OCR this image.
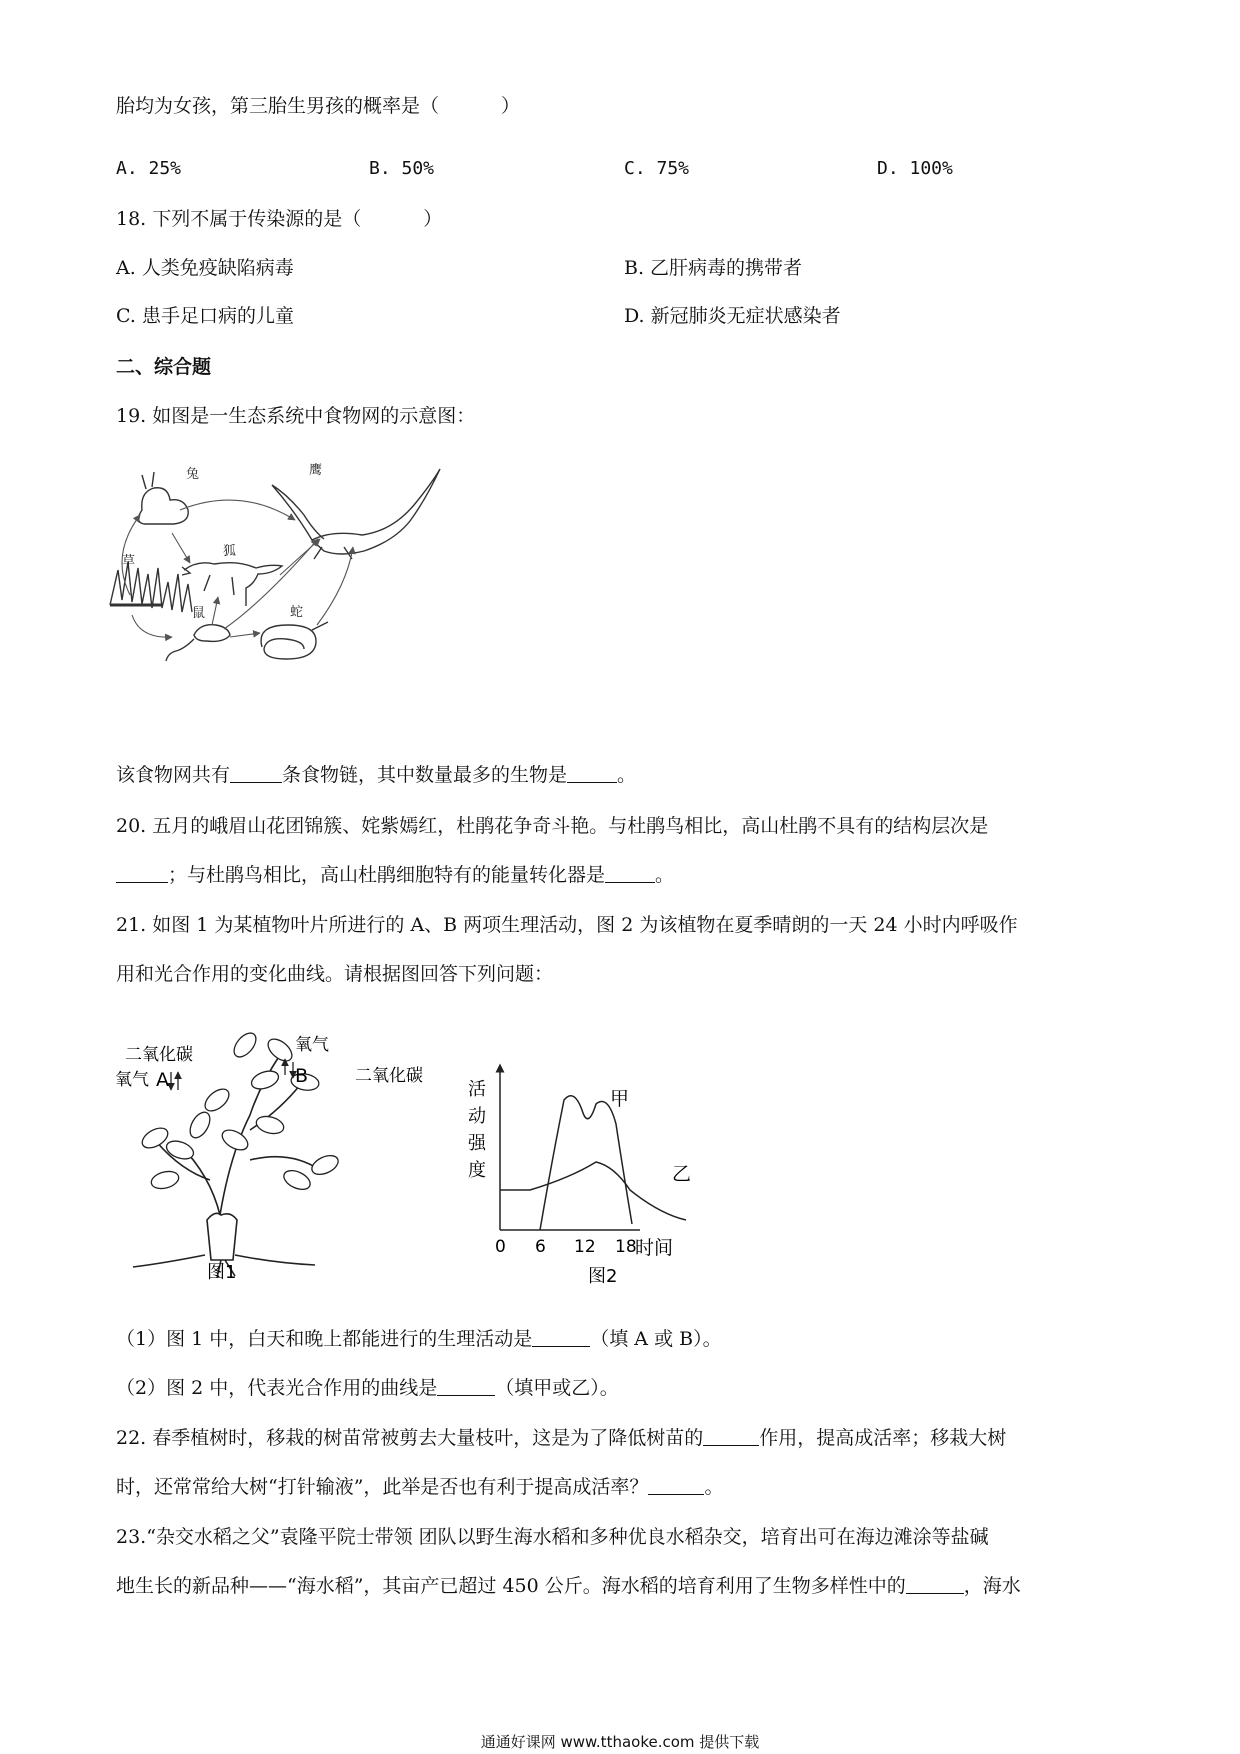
胎均为女孩，第三胎生男孩的概率是（	）
A. 25%	B. 50%	C. 75%	D. 100%
18. 下列不属于传染源的是（	）
A. 人类免疫缺陷病毒	B. 乙肝病毒的携带者
C. 患手足口病的儿童	D. 新冠肺炎无症状感染者
二、综合题
19. 如图是一生态系统中食物网的示意图：
兔	鹰
狐
草
鼠	蛇
该食物网共有	条食物链，其中数量最多的生物是	。
20. 五月的峨眉山花团锦簇、姹紫嫣红，杜鹃花争奇斗艳。与杜鹃鸟相比，高山杜鹃不具有的结构层次是
；与杜鹃鸟相比，高山杜鹃细胞特有的能量转化器是	。
21. 如图 1 为某植物叶片所进行的 A、B 两项生理活动，图 2 为该植物在夏季晴朗的一天 24 小时内呼吸作
用和光合作用的变化曲线。请根据图回答下列问题：
二氧化碳
氧气 A
氧气
B	二氧化碳
图1
活
动
强
度
0 6 12 18
时间
甲
乙
图2
（1）图 1 中，白天和晚上都能进行的生理活动是	（填 A 或 B）。
（2）图 2 中，代表光合作用的曲线是	（填甲或乙）。
22. 春季植树时，移栽的树苗常被剪去大量枝叶，这是为了降低树苗的	作用，提高成活率；移栽大树
时，还常常给大树“打针输液”，此举是否也有利于提高成活率？	。
23.“杂交水稻之父”袁隆平院士带领 团队以野生海水稻和多种优良水稻杂交，培育出可在海边滩涂等盐碱
地生长的新品种——“海水稻”，其亩产已超过 450 公斤。海水稻的培育利用了生物多样性中的	，海水
通通好课网 www.tthaoke.com 提供下载
